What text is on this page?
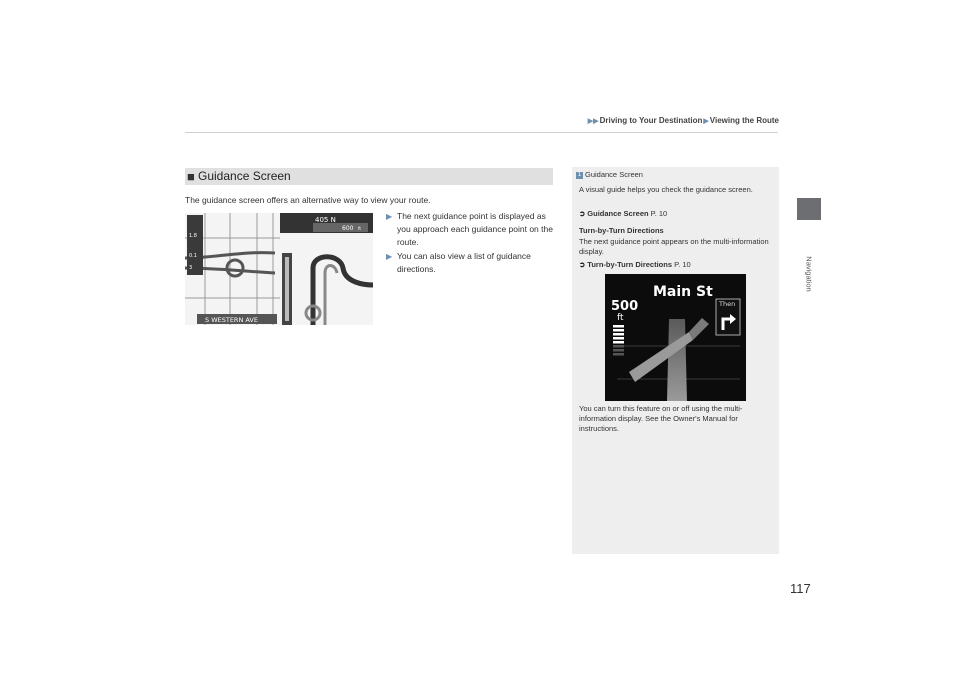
▶▶Driving to Your Destination▶Viewing the Route
Navigation
■ Guidance Screen
The guidance screen offers an alternative way to view your route.
405 N
600 ft
1.8
0.1
3
S WESTERN AVE
▶ The next guidance point is displayed as you approach each guidance point on the route.
▶ You can also view a list of guidance directions.
1 Guidance Screen
A visual guide helps you check the guidance screen.
➲ Guidance Screen P. 10
Turn-by-Turn Directions
The next guidance point appears on the multi-information display.
➲ Turn-by-Turn Directions P. 10
You can turn this feature on or off using the multi-information display. See the Owner's Manual for instructions.
Main St
500
ft
Then
117
